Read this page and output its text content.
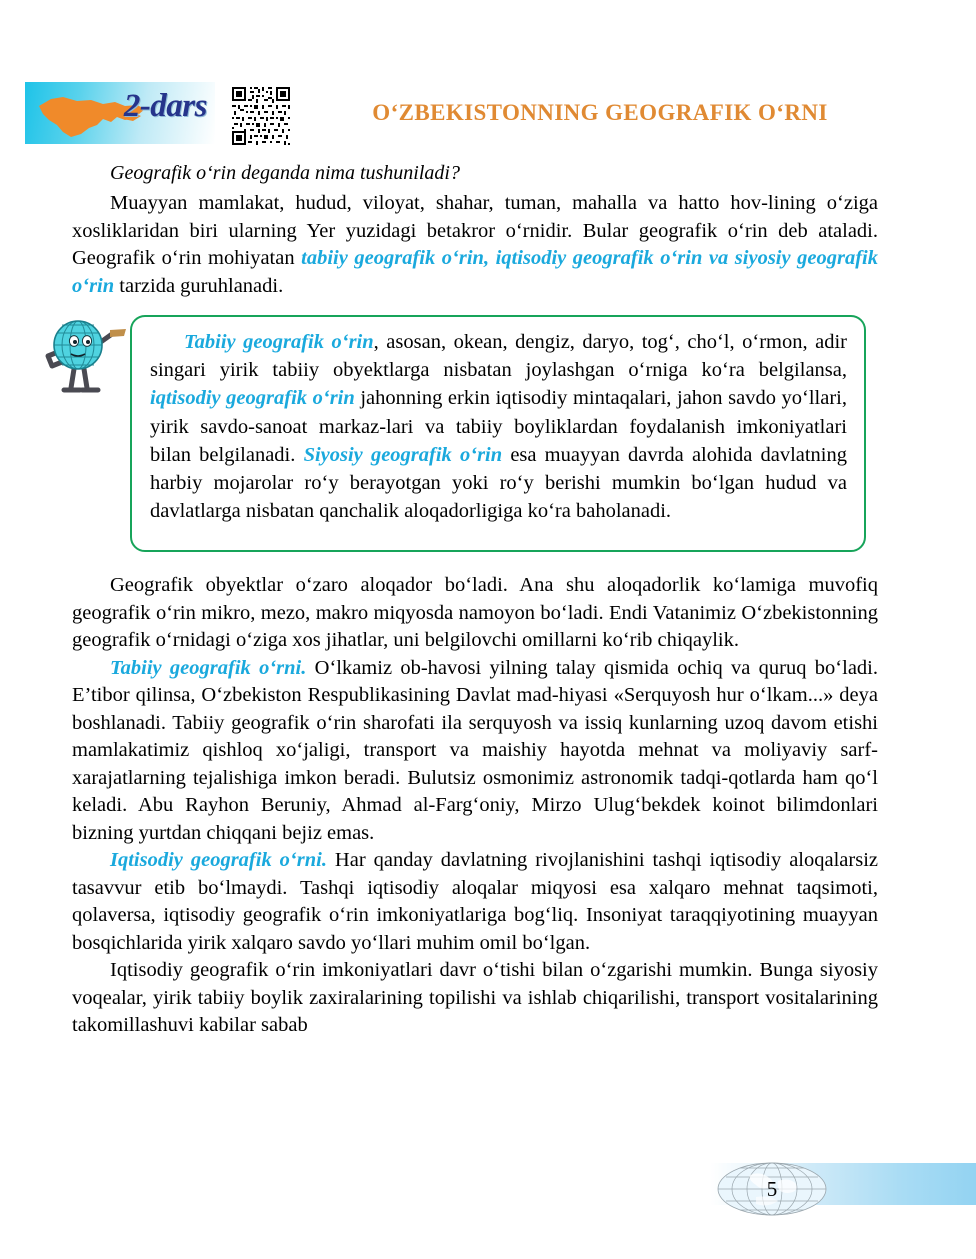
2-dars	O‘ZBEKISTONNING GEOGRAFIK O‘RNI

Geografik o‘rin deganda nima tushuniladi?

Muayyan mamlakat, hudud, viloyat, shahar, tuman, mahalla va hatto hov-lining o‘ziga xosliklaridan biri ularning Yer yuzidagi betakror o‘rnidir. Bular geografik o‘rin deb ataladi. Geografik o‘rin mohiyatan tabiiy geografik o‘rin, iqtisodiy geografik o‘rin va siyosiy geografik o‘rin tarzida guruhlanadi.

Tabiiy geografik o‘rin, asosan, okean, dengiz, daryo, tog‘, cho‘l, o‘rmon, adir singari yirik tabiiy obyektlarga nisbatan joylashgan o‘rniga ko‘ra belgilansa, iqtisodiy geografik o‘rin jahonning erkin iqtisodiy mintaqalari, jahon savdo yo‘llari, yirik savdo-sanoat markaz-lari va tabiiy boyliklardan foydalanish imkoniyatlari bilan belgilanadi. Siyosiy geografik o‘rin esa muayyan davrda alohida davlatning harbiy mojarolar ro‘y berayotgan yoki ro‘y berishi mumkin bo‘lgan hudud va davlatlarga nisbatan qanchalik aloqadorligiga ko‘ra baholanadi.

Geografik obyektlar o‘zaro aloqador bo‘ladi. Ana shu aloqadorlik ko‘lamiga muvofiq geografik o‘rin mikro, mezo, makro miqyosda namoyon bo‘ladi. Endi Vatanimiz O‘zbekistonning geografik o‘rnidagi o‘ziga xos jihatlar, uni belgilovchi omillarni ko‘rib chiqaylik.

Tabiiy geografik o‘rni. O‘lkamiz ob-havosi yilning talay qismida ochiq va quruq bo‘ladi. E’tibor qilinsa, O‘zbekiston Respublikasining Davlat mad-hiyasi «Serquyosh hur o‘lkam...» deya boshlanadi. Tabiiy geografik o‘rin sharofati ila serquyosh va issiq kunlarning uzoq davom etishi mamlakatimiz qishloq xo‘jaligi, transport va maishiy hayotda mehnat va moliyaviy sarf-xarajatlarning tejalishiga imkon beradi. Bulutsiz osmonimiz astronomik tadqi-qotlarda ham qo‘l keladi. Abu Rayhon Beruniy, Ahmad al-Farg‘oniy, Mirzo Ulug‘bekdek koinot bilimdonlari bizning yurtdan chiqqani bejiz emas.

Iqtisodiy geografik o‘rni. Har qanday davlatning rivojlanishini tashqi iqtisodiy aloqalarsiz tasavvur etib bo‘lmaydi. Tashqi iqtisodiy aloqalar miqyosi esa xalqaro mehnat taqsimoti, qolaversa, iqtisodiy geografik o‘rin imkoniyatlariga bog‘liq. Insoniyat taraqqiyotining muayyan bosqichlarida yirik xalqaro savdo yo‘llari muhim omil bo‘lgan.

Iqtisodiy geografik o‘rin imkoniyatlari davr o‘tishi bilan o‘zgarishi mumkin. Bunga siyosiy voqealar, yirik tabiiy boylik zaxiralarining topilishi va ishlab chiqarilishi, transport vositalarining takomillashuvi kabilar sabab

5
